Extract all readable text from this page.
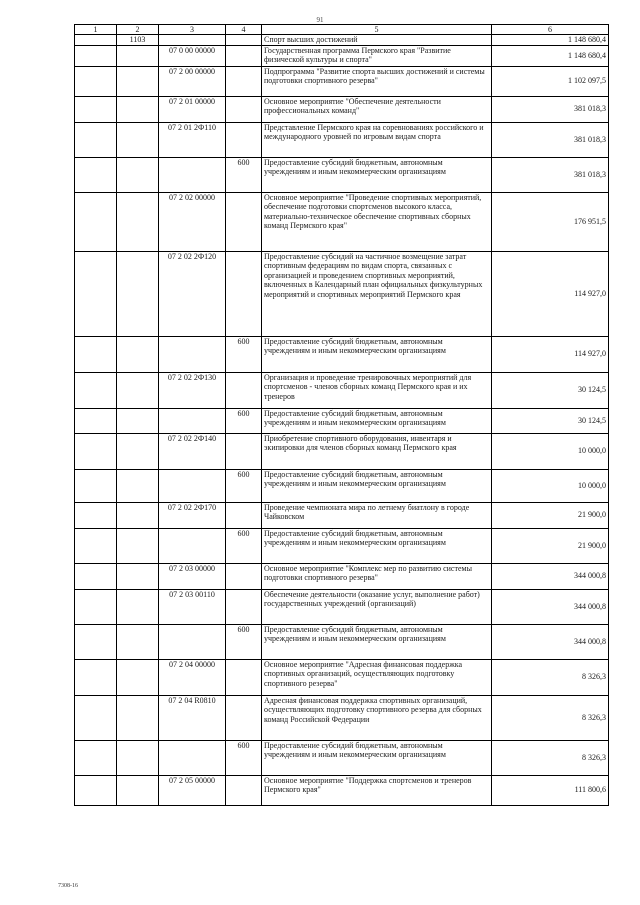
91
1	2	3	4	5	6
	1103			Спорт высших достижений	1 148 680,4
		07 0 00 00000		Государственная программа Пермского края "Развитие физической культуры и спорта"	1 148 680,4
		07 2 00 00000		Подпрограмма "Развитие спорта высших достижений и системы подготовки спортивного резерва"	1 102 097,5
		07 2 01 00000		Основное мероприятие "Обеспечение деятельности профессиональных команд"	381 018,3
		07 2 01 2Ф110		Представление Пермского края на соревнованиях российского и международного уровней по игровым видам спорта	381 018,3
			600	Предоставление субсидий бюджетным, автономным учреждениям и иным некоммерческим организациям	381 018,3
		07 2 02 00000		Основное мероприятие "Проведение спортивных мероприятий, обеспечение подготовки спортсменов высокого класса, материально-техническое обеспечение спортивных сборных команд Пермского края"	176 951,5
		07 2 02 2Ф120		Предоставление субсидий на частичное возмещение затрат спортивным федерациям по видам спорта, связанных с организацией и проведением спортивных мероприятий, включенных в Календарный план официальных физкультурных мероприятий и спортивных мероприятий Пермского края	114 927,0
			600	Предоставление субсидий бюджетным, автономным учреждениям и иным некоммерческим организациям	114 927,0
		07 2 02 2Ф130		Организация и проведение тренировочных мероприятий для спортсменов - членов сборных команд Пермского края и их тренеров	30 124,5
			600	Предоставление субсидий бюджетным, автономным учреждениям и иным некоммерческим организациям	30 124,5
		07 2 02 2Ф140		Приобретение спортивного оборудования, инвентаря и экипировки для членов сборных команд Пермского края	10 000,0
			600	Предоставление субсидий бюджетным, автономным учреждениям и иным некоммерческим организациям	10 000,0
		07 2 02 2Ф170		Проведение чемпионата мира по летнему биатлону в городе Чайковском	21 900,0
			600	Предоставление субсидий бюджетным, автономным учреждениям и иным некоммерческим организациям	21 900,0
		07 2 03 00000		Основное мероприятие "Комплекс мер по развитию системы подготовки спортивного резерва"	344 000,8
		07 2 03 00110		Обеспечение деятельности (оказание услуг, выполнение работ) государственных учреждений (организаций)	344 000,8
			600	Предоставление субсидий бюджетным, автономным учреждениям и иным некоммерческим организациям	344 000,8
		07 2 04 00000		Основное мероприятие "Адресная финансовая поддержка спортивных организаций, осуществляющих подготовку спортивного резерва"	8 326,3
		07 2 04 R0810		Адресная финансовая поддержка спортивных организаций, осуществляющих подготовку спортивного резерва для сборных команд Российской Федерации	8 326,3
			600	Предоставление субсидий бюджетным, автономным учреждениям и иным некоммерческим организациям	8 326,3
		07 2 05 00000		Основное мероприятие "Поддержка спортсменов и тренеров Пермского края"	111 800,6
7308-16
